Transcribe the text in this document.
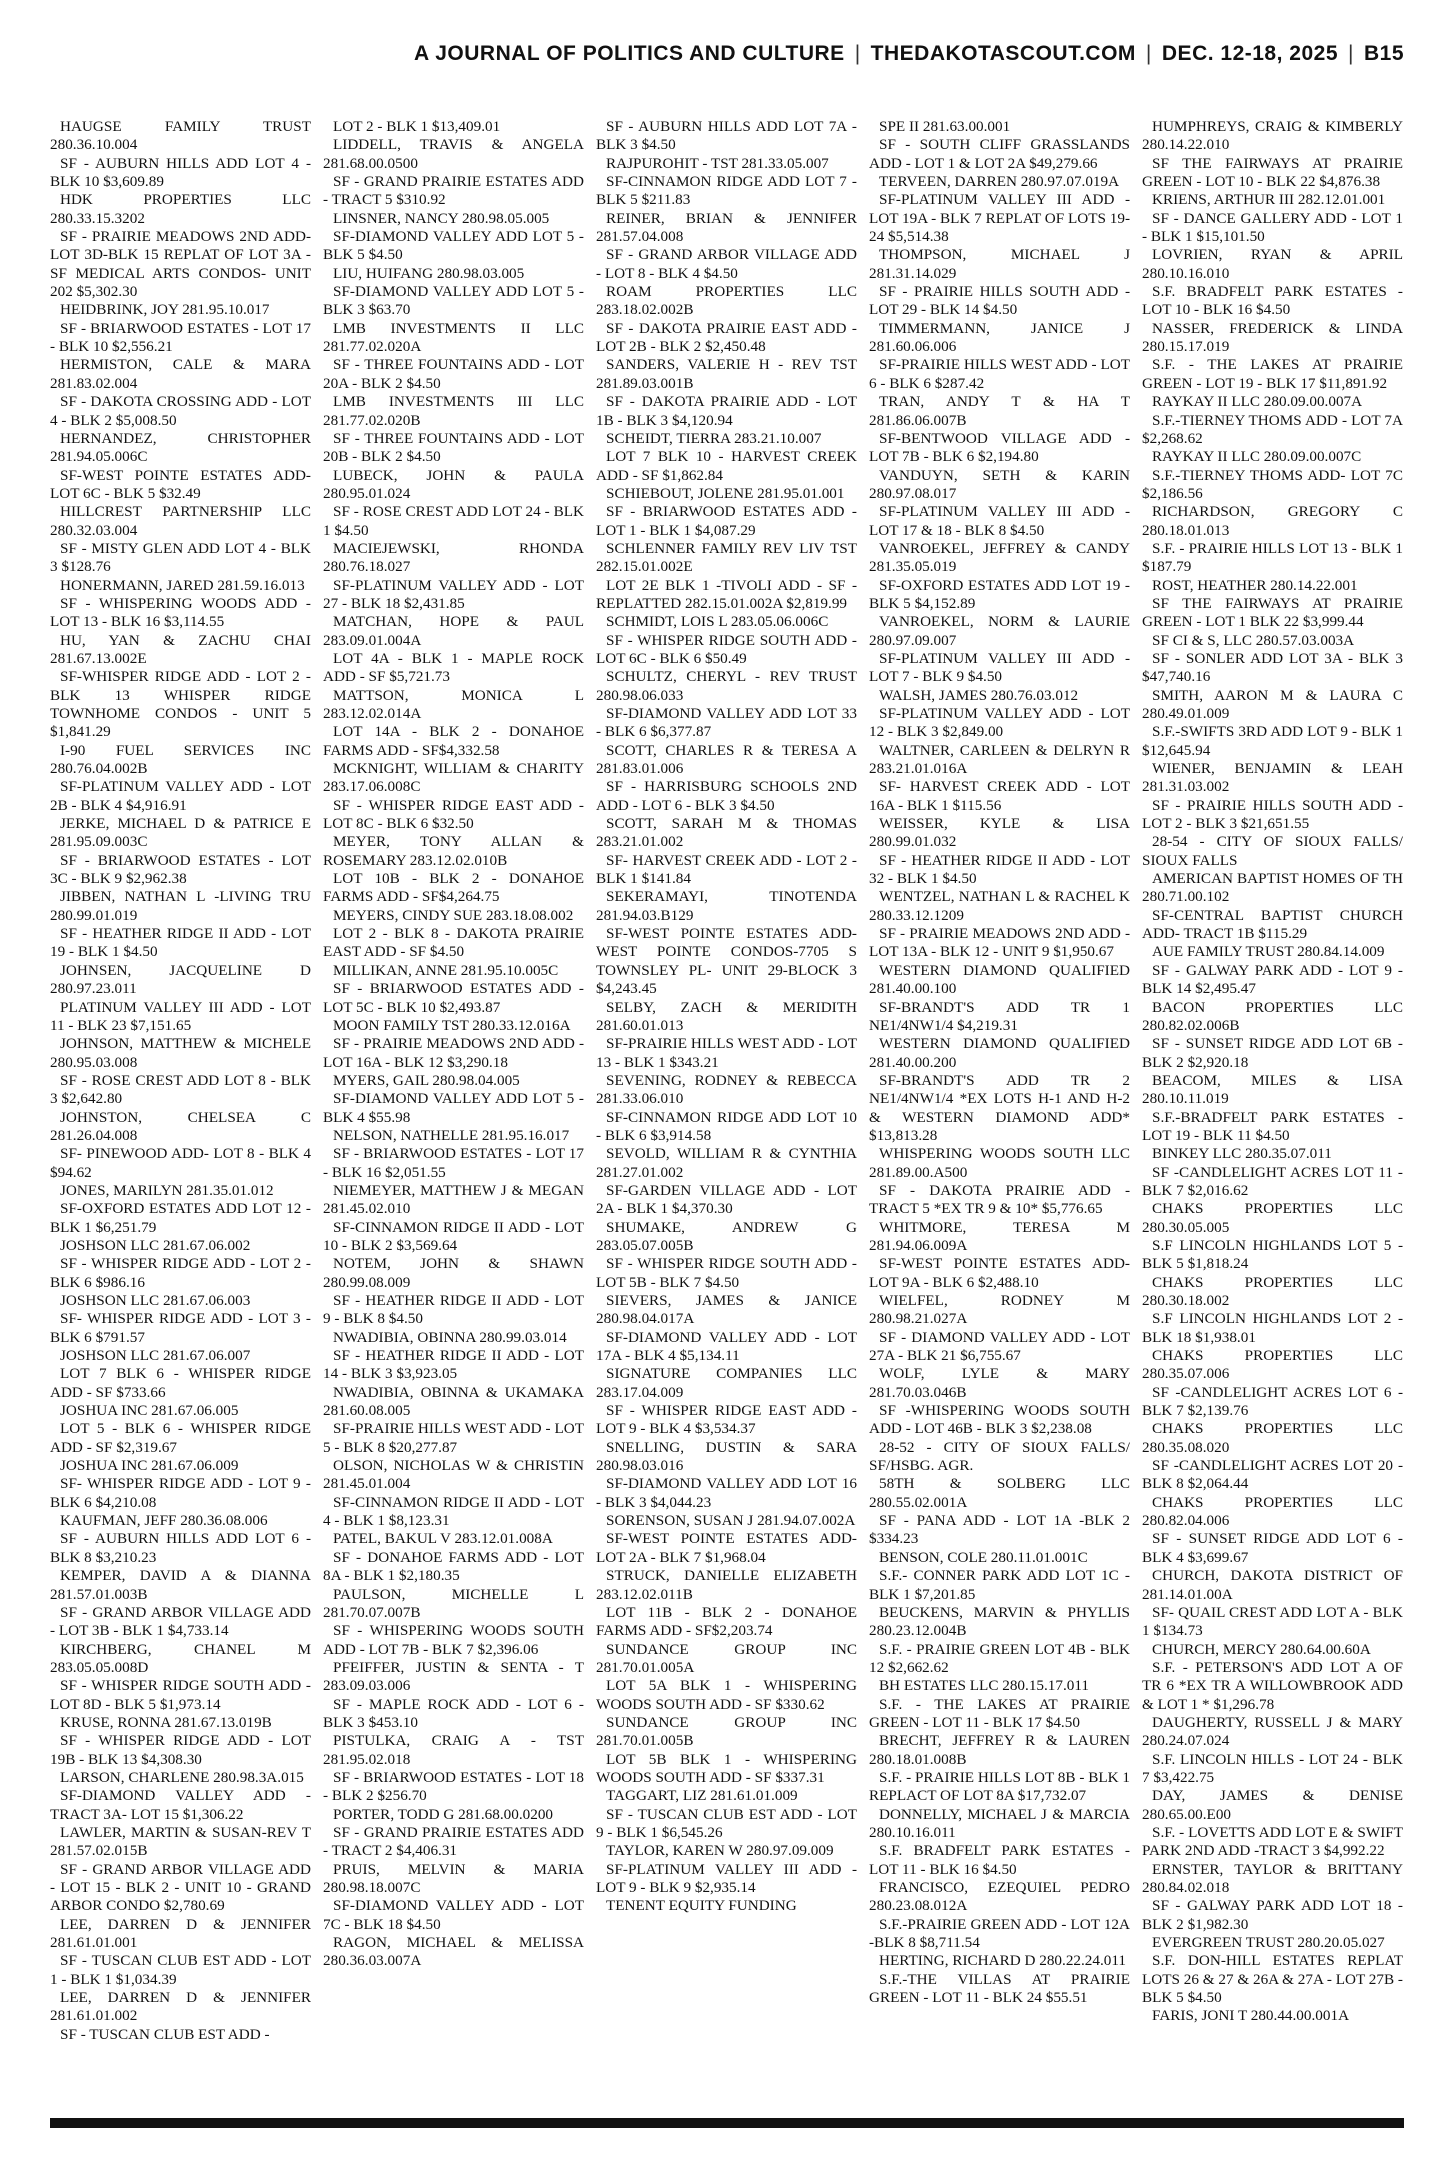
A JOURNAL OF POLITICS AND CULTURE | THEDAKOTASCOUT.COM | DEC. 12-18, 2025 | B15

HAUGSE FAMILY TRUST 280.36.10.004

SF - AUBURN HILLS ADD LOT 4 - BLK 10 $3,609.89

HDK PROPERTIES LLC 280.33.15.3202

SF - PRAIRIE MEADOWS 2ND ADD-LOT 3D-BLK 15 REPLAT OF LOT 3A - SF MEDICAL ARTS CONDOS- UNIT 202 $5,302.30

HEIDBRINK, JOY 281.95.10.017

SF - BRIARWOOD ESTATES - LOT 17 - BLK 10 $2,556.21

HERMISTON, CALE & MARA 281.83.02.004

SF - DAKOTA CROSSING ADD - LOT 4 - BLK 2 $5,008.50

HERNANDEZ, CHRISTOPHER 281.94.05.006C

SF-WEST POINTE ESTATES ADD-LOT 6C - BLK 5 $32.49

HILLCREST PARTNERSHIP LLC 280.32.03.004

SF - MISTY GLEN ADD LOT 4 - BLK 3 $128.76

HONERMANN, JARED 281.59.16.013

SF - WHISPERING WOODS ADD - LOT 13 - BLK 16 $3,114.55

HU, YAN & ZACHU CHAI 281.67.13.002E

SF-WHISPER RIDGE ADD - LOT 2 - BLK 13 WHISPER RIDGE TOWNHOME CONDOS - UNIT 5 $1,841.29

I-90 FUEL SERVICES INC 280.76.04.002B

SF-PLATINUM VALLEY ADD - LOT 2B - BLK 4 $4,916.91

JERKE, MICHAEL D & PATRICE E 281.95.09.003C

SF - BRIARWOOD ESTATES - LOT 3C - BLK 9 $2,962.38

JIBBEN, NATHAN L -LIVING TRU 280.99.01.019

SF - HEATHER RIDGE II ADD - LOT 19 - BLK 1 $4.50

JOHNSEN, JACQUELINE D 280.97.23.011

PLATINUM VALLEY III ADD - LOT 11 - BLK 23 $7,151.65

JOHNSON, MATTHEW & MICHELE 280.95.03.008

SF - ROSE CREST ADD LOT 8 - BLK 3 $2,642.80

JOHNSTON, CHELSEA C 281.26.04.008

SF- PINEWOOD ADD- LOT 8 - BLK 4 $94.62

JONES, MARILYN 281.35.01.012

SF-OXFORD ESTATES ADD LOT 12 - BLK 1 $6,251.79

JOSHSON LLC 281.67.06.002

SF - WHISPER RIDGE ADD - LOT 2 - BLK 6 $986.16

JOSHSON LLC 281.67.06.003

SF- WHISPER RIDGE ADD - LOT 3 - BLK 6 $791.57

JOSHSON LLC 281.67.06.007

LOT 7 BLK 6 - WHISPER RIDGE ADD - SF $733.66

JOSHUA INC 281.67.06.005

LOT 5 - BLK 6 - WHISPER RIDGE ADD - SF $2,319.67

JOSHUA INC 281.67.06.009

SF- WHISPER RIDGE ADD - LOT 9 - BLK 6 $4,210.08

KAUFMAN, JEFF 280.36.08.006

SF - AUBURN HILLS ADD LOT 6 - BLK 8 $3,210.23

KEMPER, DAVID A & DIANNA 281.57.01.003B

SF - GRAND ARBOR VILLAGE ADD - LOT 3B - BLK 1 $4,733.14

KIRCHBERG, CHANEL M 283.05.05.008D

SF - WHISPER RIDGE SOUTH ADD - LOT 8D - BLK 5 $1,973.14

KRUSE, RONNA 281.67.13.019B

SF - WHISPER RIDGE ADD - LOT 19B - BLK 13 $4,308.30

LARSON, CHARLENE 280.98.3A.015

SF-DIAMOND VALLEY ADD - TRACT 3A- LOT 15 $1,306.22

LAWLER, MARTIN & SUSAN-REV T 281.57.02.015B

SF - GRAND ARBOR VILLAGE ADD - LOT 15 - BLK 2 - UNIT 10 - GRAND ARBOR CONDO $2,780.69

LEE, DARREN D & JENNIFER 281.61.01.001

SF - TUSCAN CLUB EST ADD - LOT 1 - BLK 1 $1,034.39

LEE, DARREN D & JENNIFER 281.61.01.002

SF - TUSCAN CLUB EST ADD -

LOT 2 - BLK 1 $13,409.01

LIDDELL, TRAVIS & ANGELA 281.68.00.0500

SF - GRAND PRAIRIE ESTATES ADD - TRACT 5 $310.92

LINSNER, NANCY 280.98.05.005

SF-DIAMOND VALLEY ADD LOT 5 - BLK 5 $4.50

LIU, HUIFANG 280.98.03.005

SF-DIAMOND VALLEY ADD LOT 5 - BLK 3 $63.70

LMB INVESTMENTS II LLC 281.77.02.020A

SF - THREE FOUNTAINS ADD - LOT 20A - BLK 2 $4.50

LMB INVESTMENTS III LLC 281.77.02.020B

SF - THREE FOUNTAINS ADD - LOT 20B - BLK 2 $4.50

LUBECK, JOHN & PAULA 280.95.01.024

SF - ROSE CREST ADD LOT 24 - BLK 1 $4.50

MACIEJEWSKI, RHONDA 280.76.18.027

SF-PLATINUM VALLEY ADD - LOT 27 - BLK 18 $2,431.85

MATCHAN, HOPE & PAUL 283.09.01.004A

LOT 4A - BLK 1 - MAPLE ROCK ADD - SF $5,721.73

MATTSON, MONICA L 283.12.02.014A

LOT 14A - BLK 2 - DONAHOE FARMS ADD - SF$4,332.58

MCKNIGHT, WILLIAM & CHARITY 283.17.06.008C

SF - WHISPER RIDGE EAST ADD - LOT 8C - BLK 6 $32.50

MEYER, TONY ALLAN & ROSEMARY 283.12.02.010B

LOT 10B - BLK 2 - DONAHOE FARMS ADD - SF$4,264.75

MEYERS, CINDY SUE 283.18.08.002

LOT 2 - BLK 8 - DAKOTA PRAIRIE EAST ADD - SF $4.50

MILLIKAN, ANNE 281.95.10.005C

SF - BRIARWOOD ESTATES ADD - LOT 5C - BLK 10 $2,493.87

MOON FAMILY TST 280.33.12.016A

SF - PRAIRIE MEADOWS 2ND ADD - LOT 16A - BLK 12 $3,290.18

MYERS, GAIL 280.98.04.005

SF-DIAMOND VALLEY ADD LOT 5 - BLK 4 $55.98

NELSON, NATHELLE 281.95.16.017

SF - BRIARWOOD ESTATES - LOT 17 - BLK 16 $2,051.55

NIEMEYER, MATTHEW J & MEGAN 281.45.02.010

SF-CINNAMON RIDGE II ADD - LOT 10 - BLK 2 $3,569.64

NOTEM, JOHN & SHAWN 280.99.08.009

SF - HEATHER RIDGE II ADD - LOT 9 - BLK 8 $4.50

NWADIBIA, OBINNA 280.99.03.014

SF - HEATHER RIDGE II ADD - LOT 14 - BLK 3 $3,923.05

NWADIBIA, OBINNA & UKAMAKA 281.60.08.005

SF-PRAIRIE HILLS WEST ADD - LOT 5 - BLK 8 $20,277.87

OLSON, NICHOLAS W & CHRISTIN 281.45.01.004

SF-CINNAMON RIDGE II ADD - LOT 4 - BLK 1 $8,123.31

PATEL, BAKUL V 283.12.01.008A

SF - DONAHOE FARMS ADD - LOT 8A - BLK 1 $2,180.35

PAULSON, MICHELLE L 281.70.07.007B

SF - WHISPERING WOODS SOUTH ADD - LOT 7B - BLK 7 $2,396.06

PFEIFFER, JUSTIN & SENTA - T 283.09.03.006

SF - MAPLE ROCK ADD - LOT 6 - BLK 3 $453.10

PISTULKA, CRAIG A - TST 281.95.02.018

SF - BRIARWOOD ESTATES - LOT 18 - BLK 2 $256.70

PORTER, TODD G 281.68.00.0200

SF - GRAND PRAIRIE ESTATES ADD - TRACT 2 $4,406.31

PRUIS, MELVIN & MARIA 280.98.18.007C

SF-DIAMOND VALLEY ADD - LOT 7C - BLK 18 $4.50

RAGON, MICHAEL & MELISSA 280.36.03.007A

SF - AUBURN HILLS ADD LOT 7A - BLK 3 $4.50

RAJPUROHIT - TST 281.33.05.007

SF-CINNAMON RIDGE ADD LOT 7 - BLK 5 $211.83

REINER, BRIAN & JENNIFER 281.57.04.008

SF - GRAND ARBOR VILLAGE ADD - LOT 8 - BLK 4 $4.50

ROAM PROPERTIES LLC 283.18.02.002B

SF - DAKOTA PRAIRIE EAST ADD - LOT 2B - BLK 2 $2,450.48

SANDERS, VALERIE H - REV TST 281.89.03.001B

SF - DAKOTA PRAIRIE ADD - LOT 1B - BLK 3 $4,120.94

SCHEIDT, TIERRA 283.21.10.007

LOT 7 BLK 10 - HARVEST CREEK ADD - SF $1,862.84

SCHIEBOUT, JOLENE 281.95.01.001

SF - BRIARWOOD ESTATES ADD - LOT 1 - BLK 1 $4,087.29

SCHLENNER FAMILY REV LIV TST 282.15.01.002E

LOT 2E BLK 1 -TIVOLI ADD - SF - REPLATTED 282.15.01.002A $2,819.99

SCHMIDT, LOIS L 283.05.06.006C

SF - WHISPER RIDGE SOUTH ADD - LOT 6C - BLK 6 $50.49

SCHULTZ, CHERYL - REV TRUST 280.98.06.033

SF-DIAMOND VALLEY ADD LOT 33 - BLK 6 $6,377.87

SCOTT, CHARLES R & TERESA A 281.83.01.006

SF - HARRISBURG SCHOOLS 2ND ADD - LOT 6 - BLK 3 $4.50

SCOTT, SARAH M & THOMAS 283.21.01.002

SF- HARVEST CREEK ADD - LOT 2 - BLK 1 $141.84

SEKERAMAYI, TINOTENDA 281.94.03.B129

SF-WEST POINTE ESTATES ADD- WEST POINTE CONDOS-7705 S TOWNSLEY PL- UNIT 29-BLOCK 3 $4,243.45

SELBY, ZACH & MERIDITH 281.60.01.013

SF-PRAIRIE HILLS WEST ADD - LOT 13 - BLK 1 $343.21

SEVENING, RODNEY & REBECCA 281.33.06.010

SF-CINNAMON RIDGE ADD LOT 10 - BLK 6 $3,914.58

SEVOLD, WILLIAM R & CYNTHIA 281.27.01.002

SF-GARDEN VILLAGE ADD - LOT 2A - BLK 1 $4,370.30

SHUMAKE, ANDREW G 283.05.07.005B

SF - WHISPER RIDGE SOUTH ADD - LOT 5B - BLK 7 $4.50

SIEVERS, JAMES & JANICE 280.98.04.017A

SF-DIAMOND VALLEY ADD - LOT 17A - BLK 4 $5,134.11

SIGNATURE COMPANIES LLC 283.17.04.009

SF - WHISPER RIDGE EAST ADD - LOT 9 - BLK 4 $3,534.37

SNELLING, DUSTIN & SARA 280.98.03.016

SF-DIAMOND VALLEY ADD LOT 16 - BLK 3 $4,044.23

SORENSON, SUSAN J 281.94.07.002A

SF-WEST POINTE ESTATES ADD- LOT 2A - BLK 7 $1,968.04

STRUCK, DANIELLE ELIZABETH 283.12.02.011B

LOT 11B - BLK 2 - DONAHOE FARMS ADD - SF$2,203.74

SUNDANCE GROUP INC 281.70.01.005A

LOT 5A BLK 1 - WHISPERING WOODS SOUTH ADD - SF $330.62

SUNDANCE GROUP INC 281.70.01.005B

LOT 5B BLK 1 - WHISPERING WOODS SOUTH ADD - SF $337.31

TAGGART, LIZ 281.61.01.009

SF - TUSCAN CLUB EST ADD - LOT 9 - BLK 1 $6,545.26

TAYLOR, KAREN W 280.97.09.009

SF-PLATINUM VALLEY III ADD - LOT 9 - BLK 9 $2,935.14

TENENT EQUITY FUNDING

SPE II 281.63.00.001

SF - SOUTH CLIFF GRASSLANDS ADD - LOT 1 & LOT 2A $49,279.66

TERVEEN, DARREN 280.97.07.019A

SF-PLATINUM VALLEY III ADD - LOT 19A - BLK 7 REPLAT OF LOTS 19-24 $5,514.38

THOMPSON, MICHAEL J 281.31.14.029

SF - PRAIRIE HILLS SOUTH ADD -LOT 29 - BLK 14 $4.50

TIMMERMANN, JANICE J 281.60.06.006

SF-PRAIRIE HILLS WEST ADD - LOT 6 - BLK 6 $287.42

TRAN, ANDY T & HA T 281.86.06.007B

SF-BENTWOOD VILLAGE ADD - LOT 7B - BLK 6 $2,194.80

VANDUYN, SETH & KARIN 280.97.08.017

SF-PLATINUM VALLEY III ADD - LOT 17 & 18 - BLK 8 $4.50

VANROEKEL, JEFFREY & CANDY 281.35.05.019

SF-OXFORD ESTATES ADD LOT 19 - BLK 5 $4,152.89

VANROEKEL, NORM & LAURIE 280.97.09.007

SF-PLATINUM VALLEY III ADD - LOT 7 - BLK 9 $4.50

WALSH, JAMES 280.76.03.012

SF-PLATINUM VALLEY ADD - LOT 12 - BLK 3 $2,849.00

WALTNER, CARLEEN & DELRYN R 283.21.01.016A

SF- HARVEST CREEK ADD - LOT 16A - BLK 1 $115.56

WEISSER, KYLE & LISA 280.99.01.032

SF - HEATHER RIDGE II ADD - LOT 32 - BLK 1 $4.50

WENTZEL, NATHAN L & RACHEL K 280.33.12.1209

SF - PRAIRIE MEADOWS 2ND ADD - LOT 13A - BLK 12 - UNIT 9 $1,950.67

WESTERN DIAMOND QUALIFIED 281.40.00.100

SF-BRANDT'S ADD TR 1 NE1/4NW1/4 $4,219.31

WESTERN DIAMOND QUALIFIED 281.40.00.200

SF-BRANDT'S ADD TR 2 NE1/4NW1/4 *EX LOTS H-1 AND H-2 & WESTERN DIAMOND ADD* $13,813.28

WHISPERING WOODS SOUTH LLC 281.89.00.A500

SF - DAKOTA PRAIRIE ADD - TRACT 5 *EX TR 9 & 10* $5,776.65

WHITMORE, TERESA M 281.94.06.009A

SF-WEST POINTE ESTATES ADD- LOT 9A - BLK 6 $2,488.10

WIELFEL, RODNEY M 280.98.21.027A

SF - DIAMOND VALLEY ADD - LOT 27A - BLK 21 $6,755.67

WOLF, LYLE & MARY 281.70.03.046B

SF -WHISPERING WOODS SOUTH ADD - LOT 46B - BLK 3 $2,238.08

28-52 - CITY OF SIOUX FALLS/ SF/HSBG. AGR.

58TH & SOLBERG LLC 280.55.02.001A

SF - PANA ADD - LOT 1A -BLK 2 $334.23

BENSON, COLE 280.11.01.001C

S.F.- CONNER PARK ADD LOT 1C - BLK 1 $7,201.85

BEUCKENS, MARVIN & PHYLLIS 280.23.12.004B

S.F. - PRAIRIE GREEN LOT 4B - BLK 12 $2,662.62

BH ESTATES LLC 280.15.17.011

S.F. - THE LAKES AT PRAIRIE GREEN - LOT 11 - BLK 17 $4.50

BRECHT, JEFFREY R & LAUREN 280.18.01.008B

S.F. - PRAIRIE HILLS LOT 8B - BLK 1 REPLACT OF LOT 8A $17,732.07

DONNELLY, MICHAEL J & MARCIA 280.10.16.011

S.F. BRADFELT PARK ESTATES - LOT 11 - BLK 16 $4.50

FRANCISCO, EZEQUIEL PEDRO 280.23.08.012A

S.F.-PRAIRIE GREEN ADD - LOT 12A -BLK 8 $8,711.54

HERTING, RICHARD D 280.22.24.011

S.F.-THE VILLAS AT PRAIRIE GREEN - LOT 11 - BLK 24 $55.51

HUMPHREYS, CRAIG & KIMBERLY 280.14.22.010

SF THE FAIRWAYS AT PRAIRIE GREEN - LOT 10 - BLK 22 $4,876.38

KRIENS, ARTHUR III 282.12.01.001

SF - DANCE GALLERY ADD - LOT 1 - BLK 1 $15,101.50

LOVRIEN, RYAN & APRIL 280.10.16.010

S.F. BRADFELT PARK ESTATES - LOT 10 - BLK 16 $4.50

NASSER, FREDERICK & LINDA 280.15.17.019

S.F. - THE LAKES AT PRAIRIE GREEN - LOT 19 - BLK 17 $11,891.92

RAYKAY II LLC 280.09.00.007A

S.F.-TIERNEY THOMS ADD - LOT 7A $2,268.62

RAYKAY II LLC 280.09.00.007C

S.F.-TIERNEY THOMS ADD- LOT 7C $2,186.56

RICHARDSON, GREGORY C 280.18.01.013

S.F. - PRAIRIE HILLS LOT 13 - BLK 1 $187.79

ROST, HEATHER 280.14.22.001

SF THE FAIRWAYS AT PRAIRIE GREEN - LOT 1 BLK 22 $3,999.44

SF CI & S, LLC 280.57.03.003A

SF - SONLER ADD LOT 3A - BLK 3 $47,740.16

SMITH, AARON M & LAURA C 280.49.01.009

S.F.-SWIFTS 3RD ADD LOT 9 - BLK 1 $12,645.94

WIENER, BENJAMIN & LEAH 281.31.03.002

SF - PRAIRIE HILLS SOUTH ADD - LOT 2 - BLK 3 $21,651.55

28-54 - CITY OF SIOUX FALLS/ SIOUX FALLS

AMERICAN BAPTIST HOMES OF TH 280.71.00.102

SF-CENTRAL BAPTIST CHURCH ADD- TRACT 1B $115.29

AUE FAMILY TRUST 280.84.14.009

SF - GALWAY PARK ADD - LOT 9 - BLK 14 $2,495.47

BACON PROPERTIES LLC 280.82.02.006B

SF - SUNSET RIDGE ADD LOT 6B - BLK 2 $2,920.18

BEACOM, MILES & LISA 280.10.11.019

S.F.-BRADFELT PARK ESTATES - LOT 19 - BLK 11 $4.50

BINKEY LLC 280.35.07.011

SF -CANDLELIGHT ACRES LOT 11 - BLK 7 $2,016.62

CHAKS PROPERTIES LLC 280.30.05.005

S.F LINCOLN HIGHLANDS LOT 5 - BLK 5 $1,818.24

CHAKS PROPERTIES LLC 280.30.18.002

S.F LINCOLN HIGHLANDS LOT 2 - BLK 18 $1,938.01

CHAKS PROPERTIES LLC 280.35.07.006

SF -CANDLELIGHT ACRES LOT 6 - BLK 7 $2,139.76

CHAKS PROPERTIES LLC 280.35.08.020

SF -CANDLELIGHT ACRES LOT 20 - BLK 8 $2,064.44

CHAKS PROPERTIES LLC 280.82.04.006

SF - SUNSET RIDGE ADD LOT 6 - BLK 4 $3,699.67

CHURCH, DAKOTA DISTRICT OF 281.14.01.00A

SF- QUAIL CREST ADD LOT A - BLK 1 $134.73

CHURCH, MERCY 280.64.00.60A

S.F. - PETERSON'S ADD LOT A OF TR 6 *EX TR A WILLOWBROOK ADD & LOT 1 * $1,296.78

DAUGHERTY, RUSSELL J & MARY 280.24.07.024

S.F. LINCOLN HILLS - LOT 24 - BLK 7 $3,422.75

DAY, JAMES & DENISE 280.65.00.E00

S.F. - LOVETTS ADD LOT E & SWIFT PARK 2ND ADD -TRACT 3 $4,992.22

ERNSTER, TAYLOR & BRITTANY 280.84.02.018

SF - GALWAY PARK ADD LOT 18 - BLK 2 $1,982.30

EVERGREEN TRUST 280.20.05.027

S.F. DON-HILL ESTATES REPLAT LOTS 26 & 27 & 26A & 27A - LOT 27B - BLK 5 $4.50

FARIS, JONI T 280.44.00.001A
